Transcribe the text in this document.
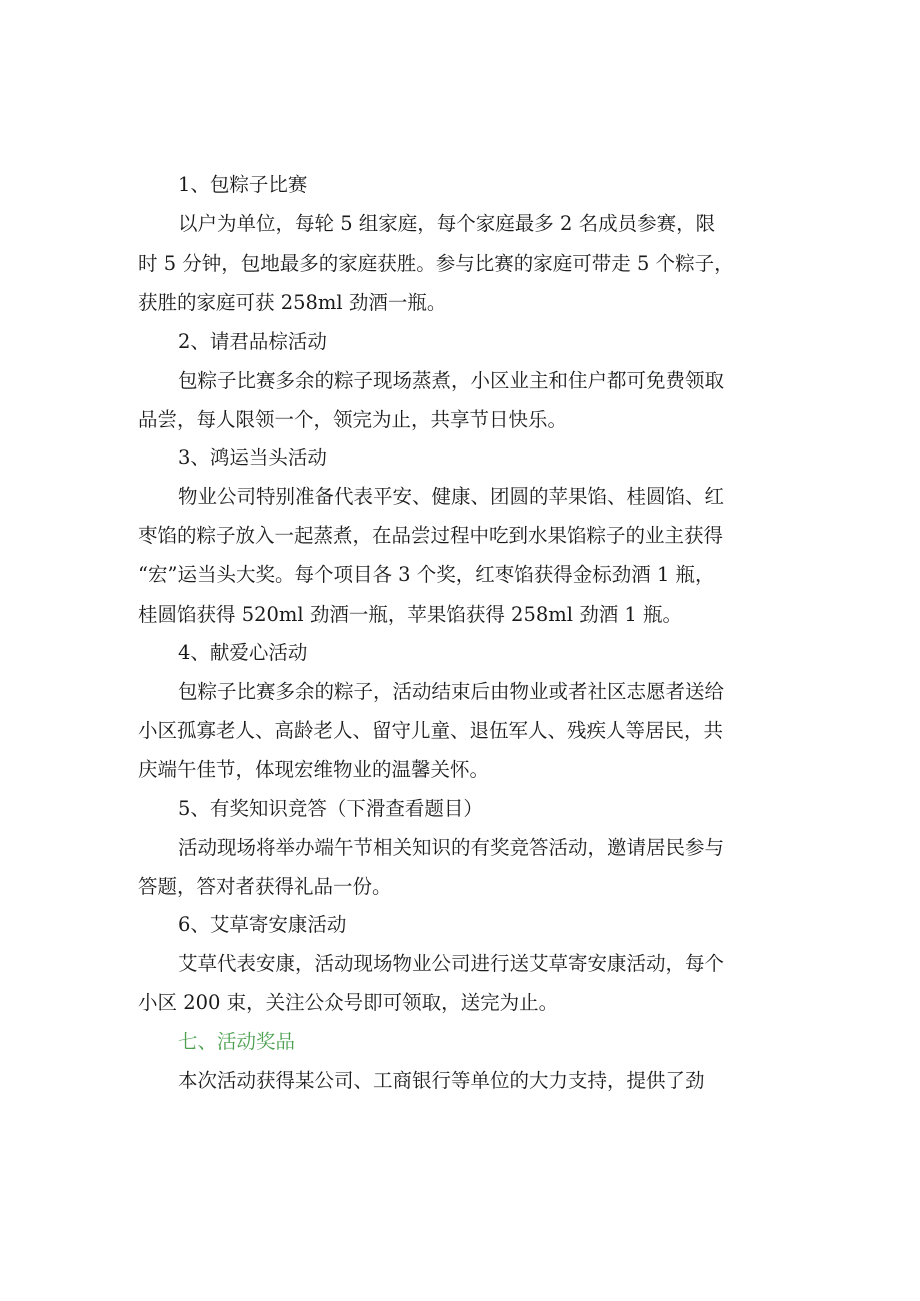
1、包粽子比赛
以户为单位，每轮 5 组家庭，每个家庭最多 2 名成员参赛，限
时 5 分钟，包地最多的家庭获胜。参与比赛的家庭可带走 5 个粽子，
获胜的家庭可获 258ml 劲酒一瓶。
2、请君品棕活动
包粽子比赛多余的粽子现场蒸煮，小区业主和住户都可免费领取
品尝，每人限领一个，领完为止，共享节日快乐。
3、鸿运当头活动
物业公司特别准备代表平安、健康、团圆的苹果馅、桂圆馅、红
枣馅的粽子放入一起蒸煮，在品尝过程中吃到水果馅粽子的业主获得
“宏”运当头大奖。每个项目各 3 个奖，红枣馅获得金标劲酒 1 瓶，
桂圆馅获得 520ml 劲酒一瓶，苹果馅获得 258ml 劲酒 1 瓶。
4、献爱心活动
包粽子比赛多余的粽子，活动结束后由物业或者社区志愿者送给
小区孤寡老人、高龄老人、留守儿童、退伍军人、残疾人等居民，共
庆端午佳节，体现宏维物业的温馨关怀。
5、有奖知识竞答（下滑查看题目）
活动现场将举办端午节相关知识的有奖竞答活动，邀请居民参与
答题，答对者获得礼品一份。
6、艾草寄安康活动
艾草代表安康，活动现场物业公司进行送艾草寄安康活动，每个
小区 200 束，关注公众号即可领取，送完为止。
七、活动奖品
本次活动获得某公司、工商银行等单位的大力支持，提供了劲
